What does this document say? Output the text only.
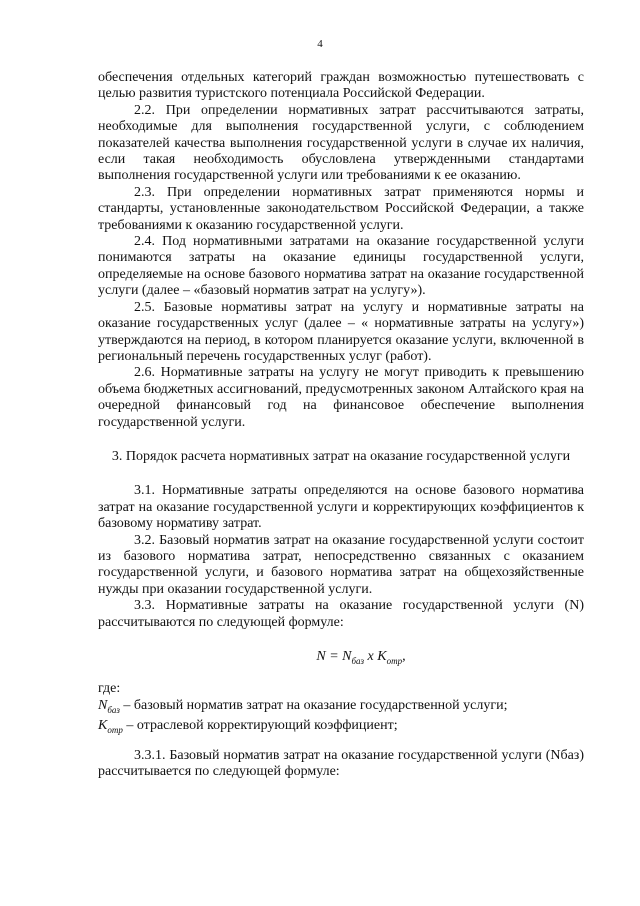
4

обеспечения отдельных категорий граждан возможностью путешествовать с целью развития туристского потенциала Российской Федерации.

2.2. При определении нормативных затрат рассчитываются затраты, необходимые для выполнения государственной услуги, с соблюдением показателей качества выполнения государственной услуги в случае их наличия, если такая необходимость обусловлена утвержденными стандартами выполнения государственной услуги или требованиями к ее оказанию.

2.3. При определении нормативных затрат применяются нормы и стандарты, установленные законодательством Российской Федерации, а также требованиями к оказанию государственной услуги.

2.4. Под нормативными затратами на оказание государственной услуги понимаются затраты на оказание единицы государственной услуги, определяемые на основе базового норматива затрат на оказание государственной услуги (далее – «базовый норматив затрат на услугу»).

2.5. Базовые нормативы затрат на услугу и нормативные затраты на оказание государственных услуг (далее – « нормативные затраты на услугу») утверждаются на период, в котором планируется оказание услуги, включенной в региональный перечень государственных услуг (работ).

2.6. Нормативные затраты на услугу не могут приводить к превышению объема бюджетных ассигнований, предусмотренных законом Алтайского края на очередной финансовый год на финансовое обеспечение выполнения государственной услуги.

3. Порядок расчета нормативных затрат на оказание государственной услуги

3.1. Нормативные затраты определяются на основе базового норматива затрат на оказание государственной услуги и корректирующих коэффициентов к базовому нормативу затрат.

3.2. Базовый норматив затрат на оказание государственной услуги состоит из базового норматива затрат, непосредственно связанных с оказанием государственной услуги, и базового норматива затрат на общехозяйственные нужды при оказании государственной услуги.

3.3. Нормативные затраты на оказание государственной услуги (N) рассчитываются по следующей формуле:

$N = N_{баз}$ x $K_{отр}$,

где:

$N_{баз}$ – базовый норматив затрат на оказание государственной услуги;

$K_{отр}$ – отраслевой корректирующий коэффициент;

3.3.1. Базовый норматив затрат на оказание государственной услуги (Nбаз) рассчитывается по следующей формуле:
